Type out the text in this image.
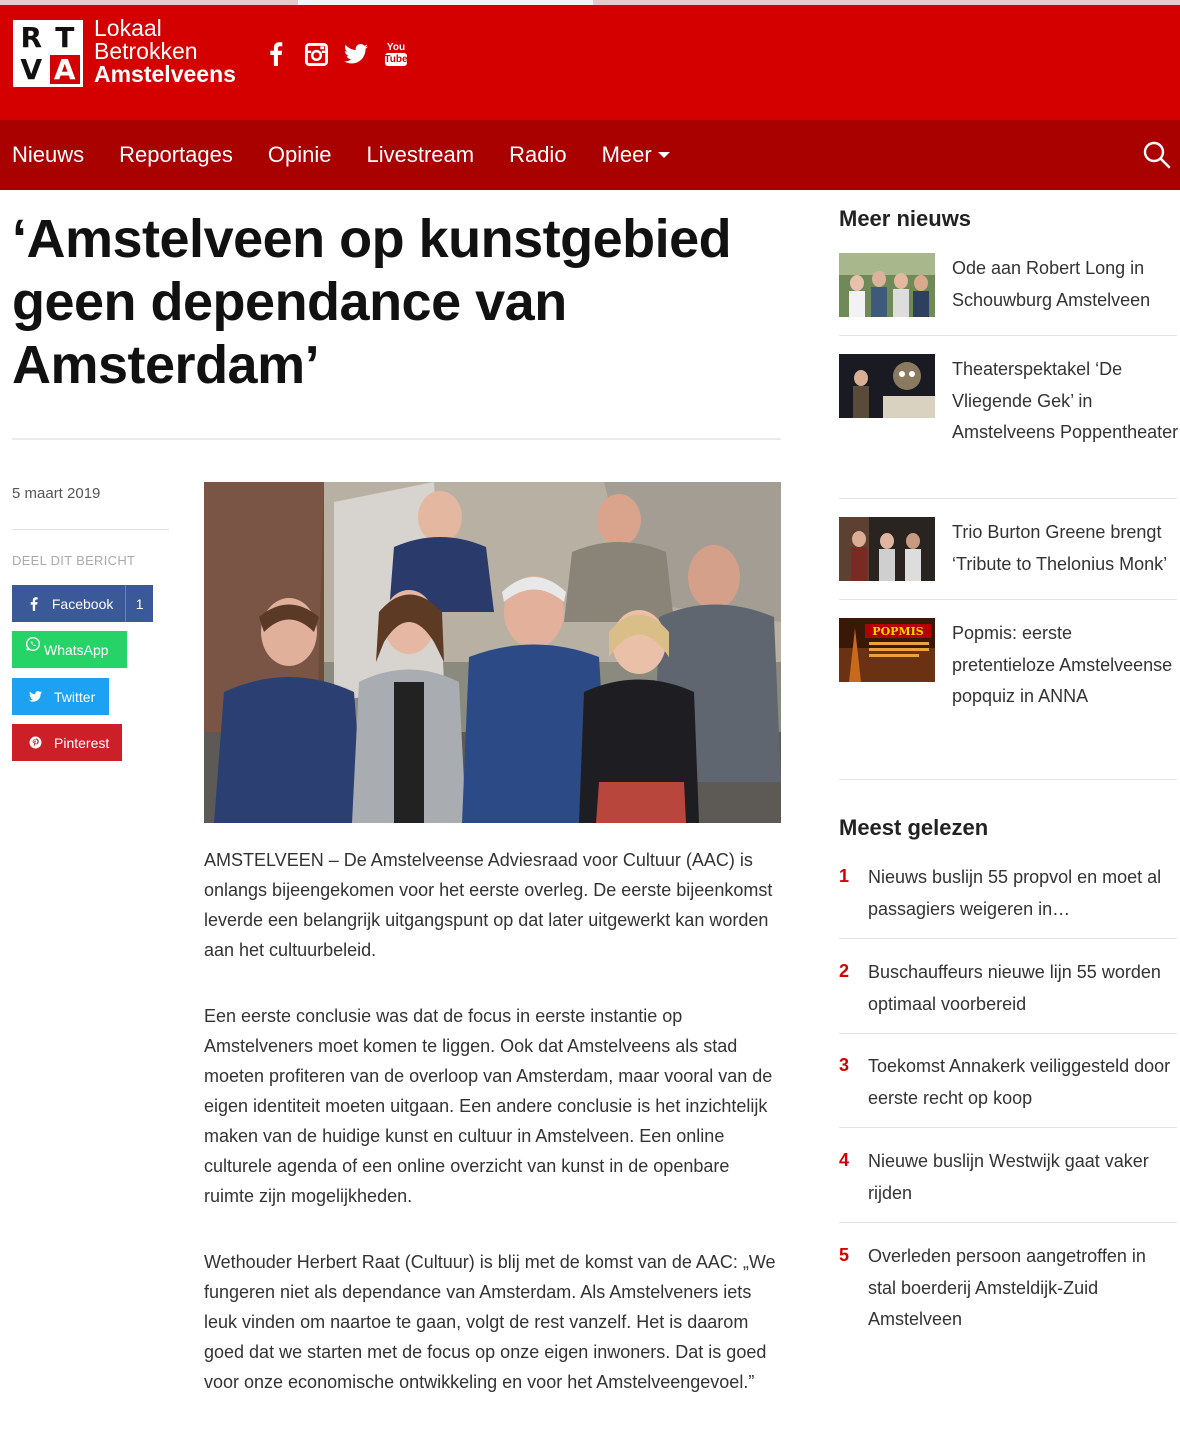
R T
V A
Lokaal
Betrokken
Amstelveens
You
Tube
Nieuws Reportages Opinie Livestream Radio Meer
‘Amstelveen op kunstgebied geen dependance van Amsterdam’
5 maart 2019
DEEL DIT BERICHT
Facebook	1
WhatsApp
Twitter
Pinterest

AMSTELVEEN – De Amstelveense Adviesraad voor Cultuur (AAC) is onlangs bijeengekomen voor het eerste overleg. De eerste bijeenkomst leverde een belangrijk uitgangspunt op dat later uitgewerkt kan worden aan het cultuurbeleid.

Een eerste conclusie was dat de focus in eerste instantie op Amstelveners moet komen te liggen. Ook dat Amstelveens als stad moeten profiteren van de overloop van Amsterdam, maar vooral van de eigen identiteit moeten uitgaan. Een andere conclusie is het inzichtelijk maken van de huidige kunst en cultuur in Amstelveen. Een online culturele agenda of een online overzicht van kunst in de openbare ruimte zijn mogelijkheden.

Wethouder Herbert Raat (Cultuur) is blij met de komst van de AAC: „We fungeren niet als dependance van Amsterdam. Als Amstelveners iets leuk vinden om naartoe te gaan, volgt de rest vanzelf. Het is daarom goed dat we starten met de focus op onze eigen inwoners. Dat is goed voor onze economische ontwikkeling en voor het Amstelveengevoel.”

Meer nieuws
Ode aan Robert Long in Schouwburg Amstelveen
Theaterspektakel ‘De Vliegende Gek’ in Amstelveens Poppentheater
Trio Burton Greene brengt ‘Tribute to Thelonius Monk’
POPMIS Popmis: eerste pretentieloze Amstelveense popquiz in ANNA
Meest gelezen
1 Nieuws buslijn 55 propvol en moet al passagiers weigeren in…
2 Buschauffeurs nieuwe lijn 55 worden optimaal voorbereid
3 Toekomst Annakerk veiliggesteld door eerste recht op koop
4 Nieuwe buslijn Westwijk gaat vaker rijden
5 Overleden persoon aangetroffen in stal boerderij Amsteldijk-Zuid Amstelveen
